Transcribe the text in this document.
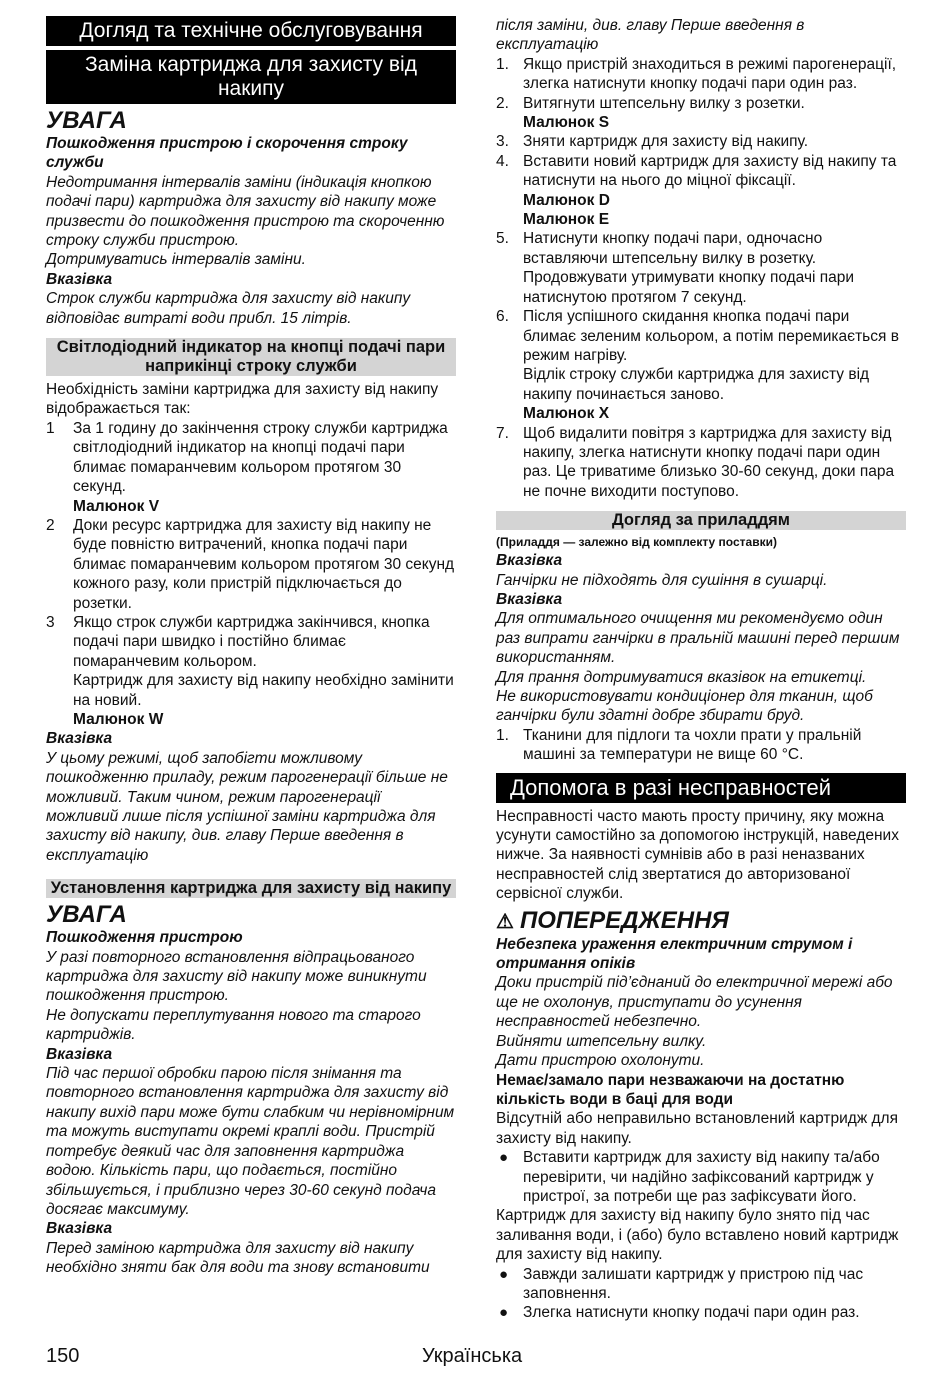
Догляд та технічне обслуговування
Заміна картриджа для захисту від накипу
УВАГА

Пошкодження пристрою і скорочення строку служби

Недотримання інтервалів заміни (індикація кнопкою подачі пари) картриджа для захисту від накипу може призвести до пошкодження пристрою та скороченню строку служби пристрою.

Дотримуватись інтервалів заміни.

Вказівка

Строк служби картриджа для захисту від накипу відповідає витраті води прибл. 15 літрів.

Світлодіодний індикатор на кнопці подачі пари наприкінці строку служби

Необхідність заміни картриджа для захисту від накипу відображається так:

1 За 1 годину до закінчення строку служби картриджа світлодіодний індикатор на кнопці подачі пари блимає помаранчевим кольором протягом 30 секунд.

Малюнок V

2 Доки ресурс картриджа для захисту від накипу не буде повністю витрачений, кнопка подачі пари блимає помаранчевим кольором протягом 30 секунд кожного разу, коли пристрій підключається до розетки.
3 Якщо строк служби картриджа закінчився, кнопка подачі пари швидко і постійно блимає помаранчевим кольором.

Картридж для захисту від накипу необхідно замінити на новий.

Малюнок W

Вказівка

У цьому режимі, щоб запобігти можливому пошкодженню приладу, режим парогенерації більше не можливий. Таким чином, режим парогенерації можливий лише після успішної заміни картриджа для захисту від накипу, див. главу Перше введення в експлуатацію

Установлення картриджа для захисту від накипу
УВАГА

Пошкодження пристрою

У разі повторного встановлення відпрацьованого картриджа для захисту від накипу може виникнути пошкодження пристрою.

Не допускати переплутування нового та старого картриджів.

Вказівка

Під час першої обробки парою після знімання та повторного встановлення картриджа для захисту від накипу вихід пари може бути слабким чи нерівномірним та можуть виступати окремі краплі води. Пристрій потребує деякий час для заповнення картриджа водою. Кількість пари, що подається, постійно збільшується, і приблизно через 30-60 секунд подача досягає максимуму.

Вказівка

Перед заміною картриджа для захисту від накипу необхідно зняти бак для води та знову встановити

після заміни, див. главу Перше введення в експлуатацію

1. Якщо пристрій знаходиться в режимі парогенерації, злегка натиснути кнопку подачі пари один раз.
2. Витягнути штепсельну вилку з розетки.

Малюнок S

3. Зняти картридж для захисту від накипу.
4. Вставити новий картридж для захисту від накипу та натиснути на нього до міцної фіксації.

Малюнок D

Малюнок E

5. Натиснути кнопку подачі пари, одночасно вставляючи штепсельну вилку в розетку. Продовжувати утримувати кнопку подачі пари натиснутою протягом 7 секунд.
6. Після успішного скидання кнопка подачі пари блимає зеленим кольором, а потім перемикається в режим нагріву.

Відлік строку служби картриджа для захисту від накипу починається заново.

Малюнок X

7. Щоб видалити повітря з картриджа для захисту від накипу, злегка натиснути кнопку подачі пари один раз. Це триватиме близько 30-60 секунд, доки пара не почне виходити поступово.
Догляд за приладдям

(Приладдя — залежно від комплекту поставки)

Вказівка

Ганчірки не підходять для сушіння в сушарці.

Вказівка

Для оптимального очищення ми рекомендуємо один раз випрати ганчірки в пральній машині перед першим використанням.

Для прання дотримуватися вказівок на етикетці.

Не використовувати кондиціонер для тканин, щоб ганчірки були здатні добре збирати бруд.

1. Тканини для підлоги та чохли прати у пральній машині за температури не вище 60 °C.
Допомога в разі несправностей

Несправності часто мають просту причину, яку можна усунути самостійно за допомогою інструкцій, наведених нижче. За наявності сумнівів або в разі неназваних несправностей слід звертатися до авторизованої сервісної служби.

⚠ ПОПЕРЕДЖЕННЯ

Небезпека ураження електричним струмом і отримання опіків

Доки пристрій під’єднаний до електричної мережі або ще не охолонув, приступати до усунення несправностей небезпечно.

Вийняти штепсельну вилку.

Дати пристрою охолонути.

Немає/замало пари незважаючи на достатню кількість води в баці для води

Відсутній або неправильно встановлений картридж для захисту від накипу.

● Вставити картридж для захисту від накипу та/або перевірити, чи надійно зафіксований картридж у пристрої, за потреби ще раз зафіксувати його.

Картридж для захисту від накипу було знято під час заливання води, і (або) було вставлено новий картридж для захисту від накипу.

● Завжди залишати картридж у пристрою під час заповнення.
● Злегка натиснути кнопку подачі пари один раз.
150	Українська
